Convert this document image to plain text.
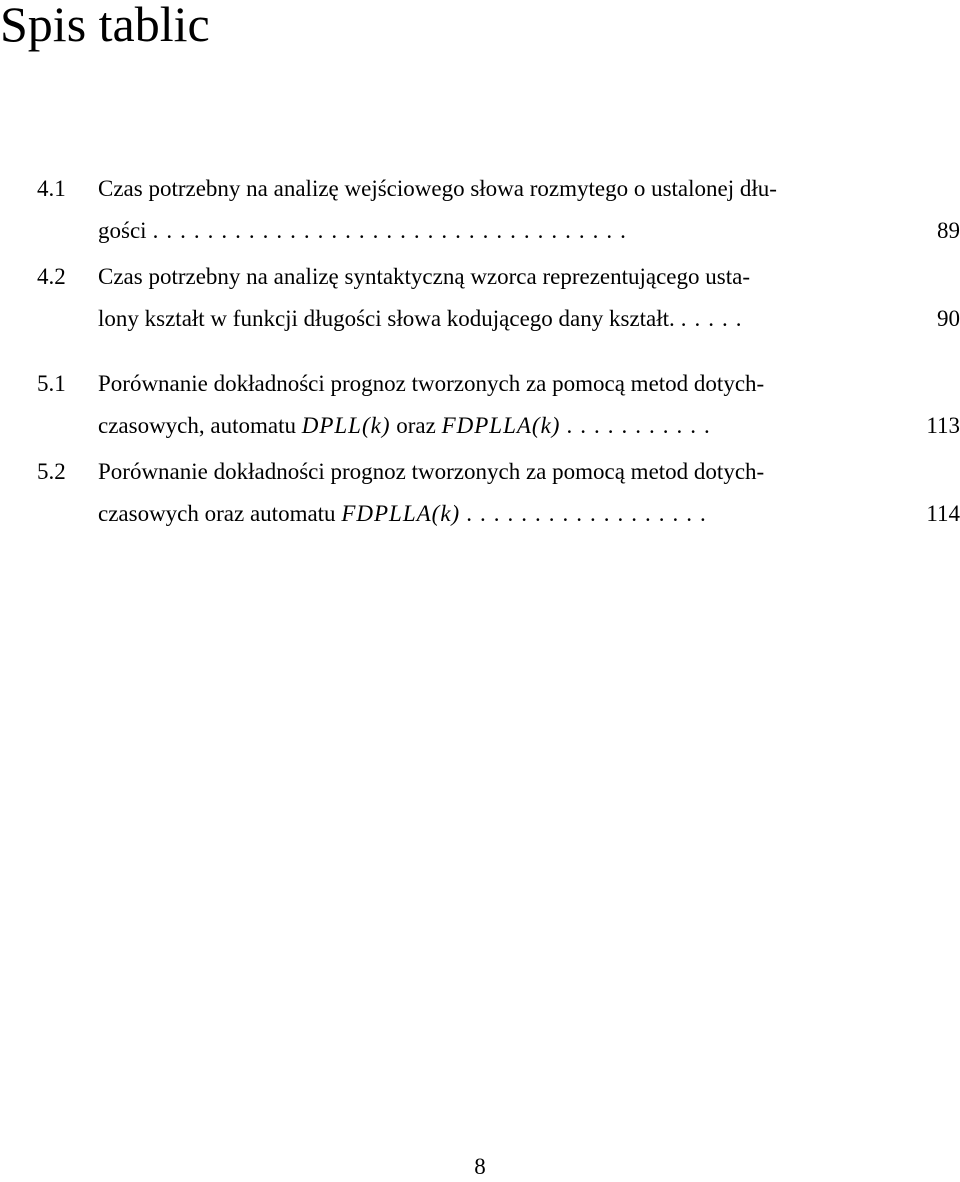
Spis tablic
4.1 Czas potrzebny na analizę wejściowego słowa rozmytego o ustalonej dłu-
gości ...................................	89
4.2 Czas potrzebny na analizę syntaktyczną wzorca reprezentującego usta-
lony kształt w funkcji długości słowa kodującego dany kształt. .....	90
5.1 Porównanie dokładności prognoz tworzonych za pomocą metod dotych-
czasowych, automatu DPLL(k) oraz FDPLLA(k) ...........	113
5.2 Porównanie dokładności prognoz tworzonych za pomocą metod dotych-
czasowych oraz automatu FDPLLA(k) ..................	114
8
